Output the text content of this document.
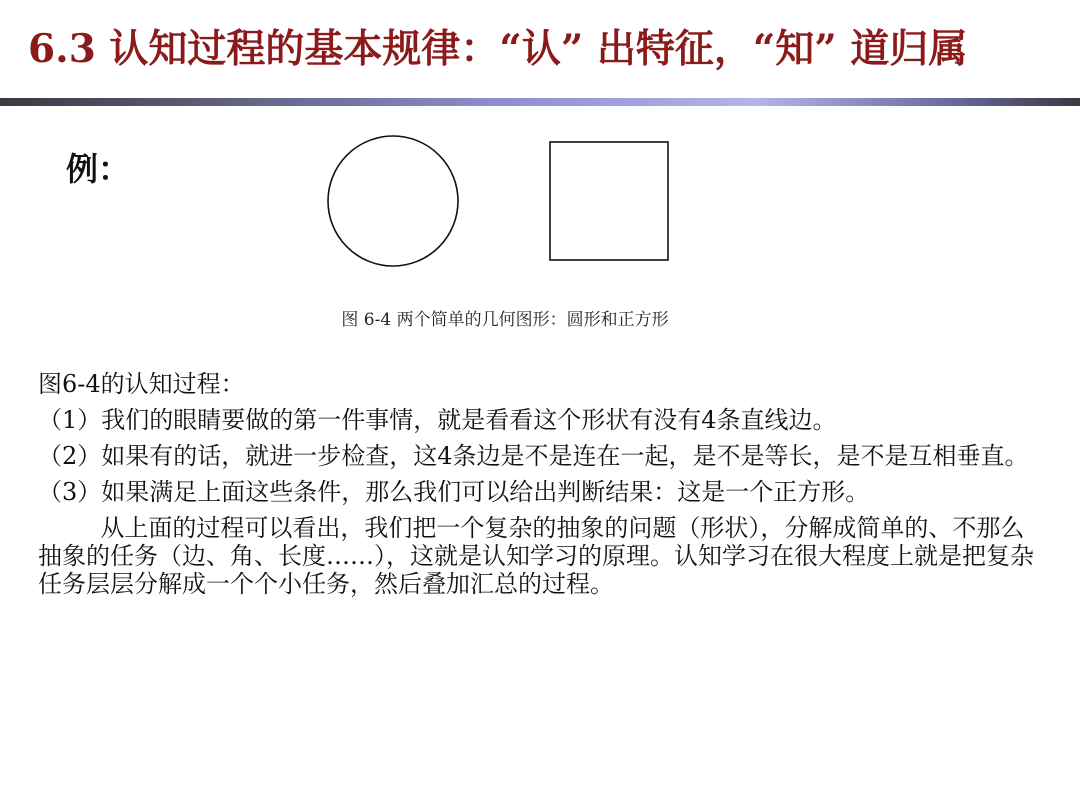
6.3 认知过程的基本规律：“认” 出特征，“知” 道归属
例：
图 6-4 两个简单的几何图形：圆形和正方形

图6-4的认知过程：

（1）我们的眼睛要做的第一件事情，就是看看这个形状有没有4条直线边。

（2）如果有的话，就进一步检查，这4条边是不是连在一起，是不是等长，是不是互相垂直。

（3）如果满足上面这些条件，那么我们可以给出判断结果：这是一个正方形。

从上面的过程可以看出，我们把一个复杂的抽象的问题（形状），分解成简单的、不那么抽象的任务（边、角、长度……），这就是认知学习的原理。认知学习在很大程度上就是把复杂任务层层分解成一个个小任务，然后叠加汇总的过程。
